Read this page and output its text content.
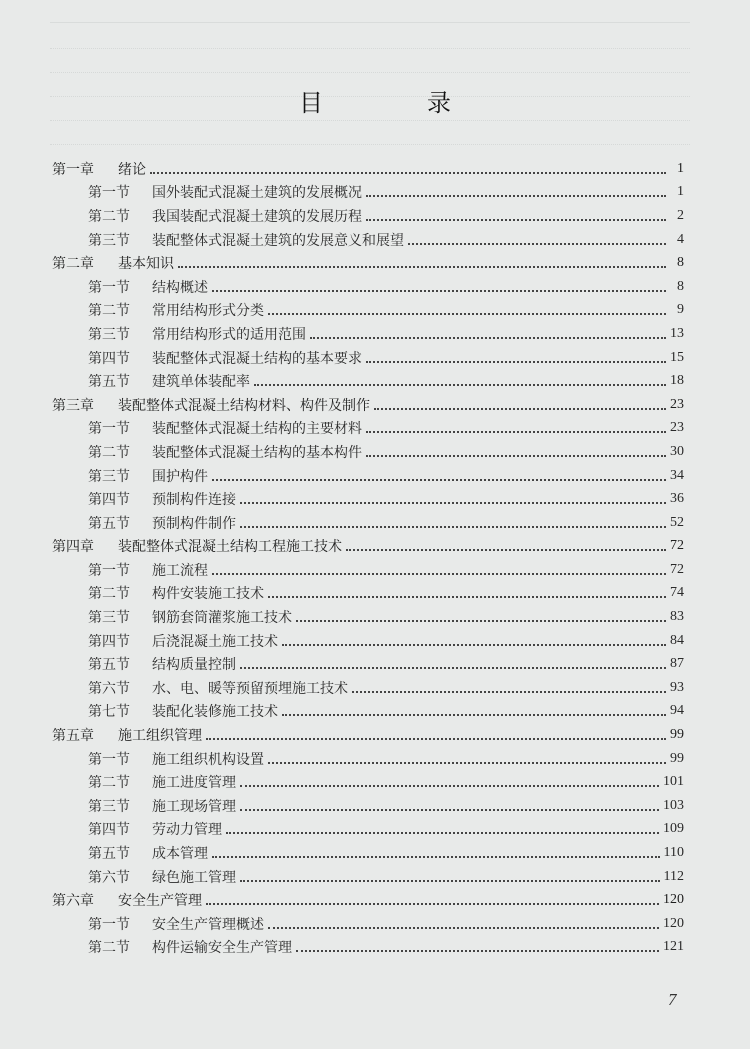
目　录
第一章	绪论	1
第一节	国外装配式混凝土建筑的发展概况	1
第二节	我国装配式混凝土建筑的发展历程	2
第三节	装配整体式混凝土建筑的发展意义和展望	4
第二章	基本知识	8
第一节	结构概述	8
第二节	常用结构形式分类	9
第三节	常用结构形式的适用范围	13
第四节	装配整体式混凝土结构的基本要求	15
第五节	建筑单体装配率	18
第三章	装配整体式混凝土结构材料、构件及制作	23
第一节	装配整体式混凝土结构的主要材料	23
第二节	装配整体式混凝土结构的基本构件	30
第三节	围护构件	34
第四节	预制构件连接	36
第五节	预制构件制作	52
第四章	装配整体式混凝土结构工程施工技术	72
第一节	施工流程	72
第二节	构件安装施工技术	74
第三节	钢筋套筒灌浆施工技术	83
第四节	后浇混凝土施工技术	84
第五节	结构质量控制	87
第六节	水、电、暖等预留预埋施工技术	93
第七节	装配化装修施工技术	94
第五章	施工组织管理	99
第一节	施工组织机构设置	99
第二节	施工进度管理	101
第三节	施工现场管理	103
第四节	劳动力管理	109
第五节	成本管理	110
第六节	绿色施工管理	112
第六章	安全生产管理	120
第一节	安全生产管理概述	120
第二节	构件运输安全生产管理	121
7
